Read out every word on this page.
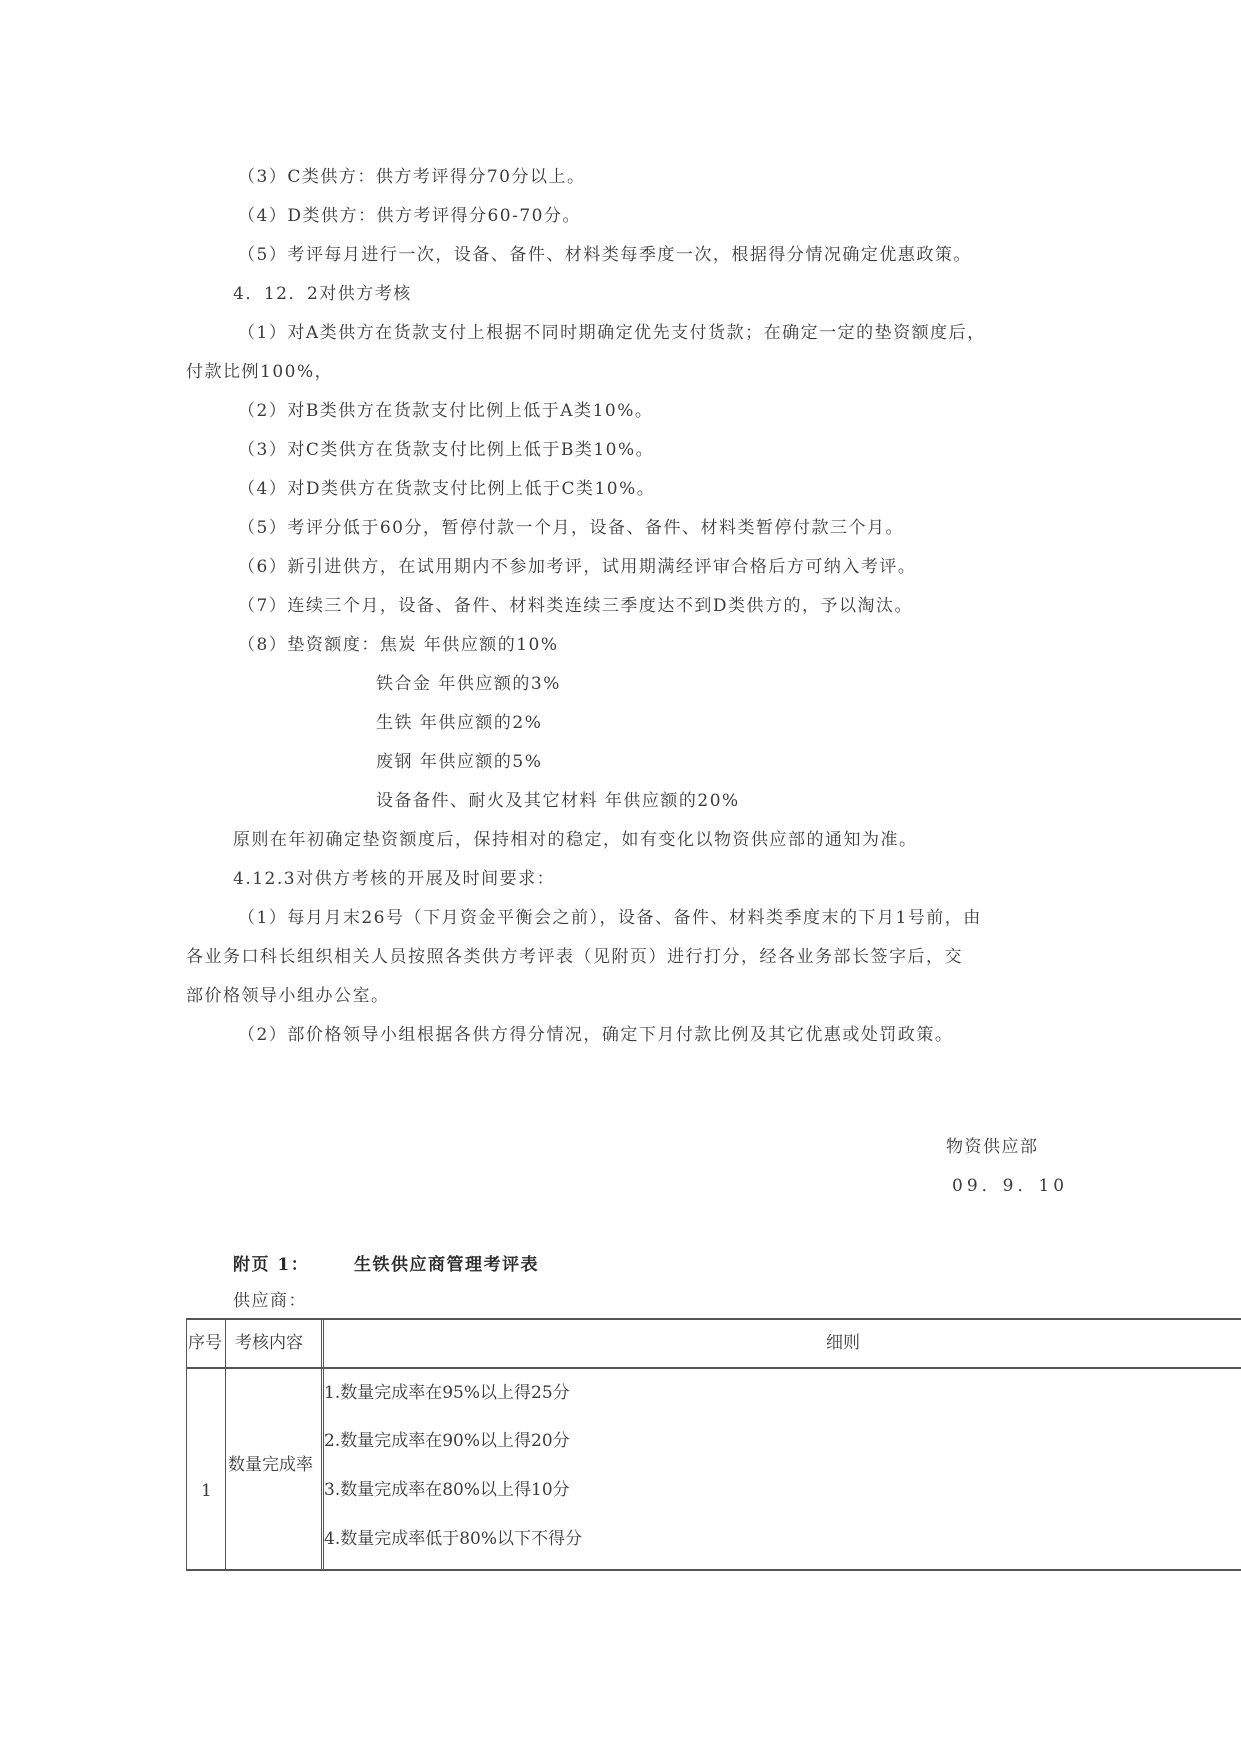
（3）C类供方：供方考评得分70分以上。
（4）D类供方：供方考评得分60-70分。
（5）考评每月进行一次，设备、备件、材料类每季度一次，根据得分情况确定优惠政策。
4．12．2对供方考核
（1）对A类供方在货款支付上根据不同时期确定优先支付货款；在确定一定的垫资额度后，
付款比例100%，
（2）对B类供方在货款支付比例上低于A类10%。
（3）对C类供方在货款支付比例上低于B类10%。
（4）对D类供方在货款支付比例上低于C类10%。
（5）考评分低于60分，暂停付款一个月，设备、备件、材料类暂停付款三个月。
（6）新引进供方，在试用期内不参加考评，试用期满经评审合格后方可纳入考评。
（7）连续三个月，设备、备件、材料类连续三季度达不到D类供方的，予以淘汰。
（8）垫资额度：焦炭 年供应额的10%
铁合金 年供应额的3%
生铁 年供应额的2%
废钢 年供应额的5%
设备备件、耐火及其它材料 年供应额的20%
原则在年初确定垫资额度后，保持相对的稳定，如有变化以物资供应部的通知为准。
4.12.3对供方考核的开展及时间要求：
（1）每月月末26号（下月资金平衡会之前），设备、备件、材料类季度末的下月1号前，由
各业务口科长组织相关人员按照各类供方考评表（见附页）进行打分，经各业务部长签字后，交
部价格领导小组办公室。
（2）部价格领导小组根据各供方得分情况，确定下月付款比例及其它优惠或处罚政策。
物资供应部
09．9．10
附页 1：	生铁供应商管理考评表
供应商：
序号 考核内容	细则
1
数量完成率
1.数量完成率在95%以上得25分
2.数量完成率在90%以上得20分
3.数量完成率在80%以上得10分
4.数量完成率低于80%以下不得分
